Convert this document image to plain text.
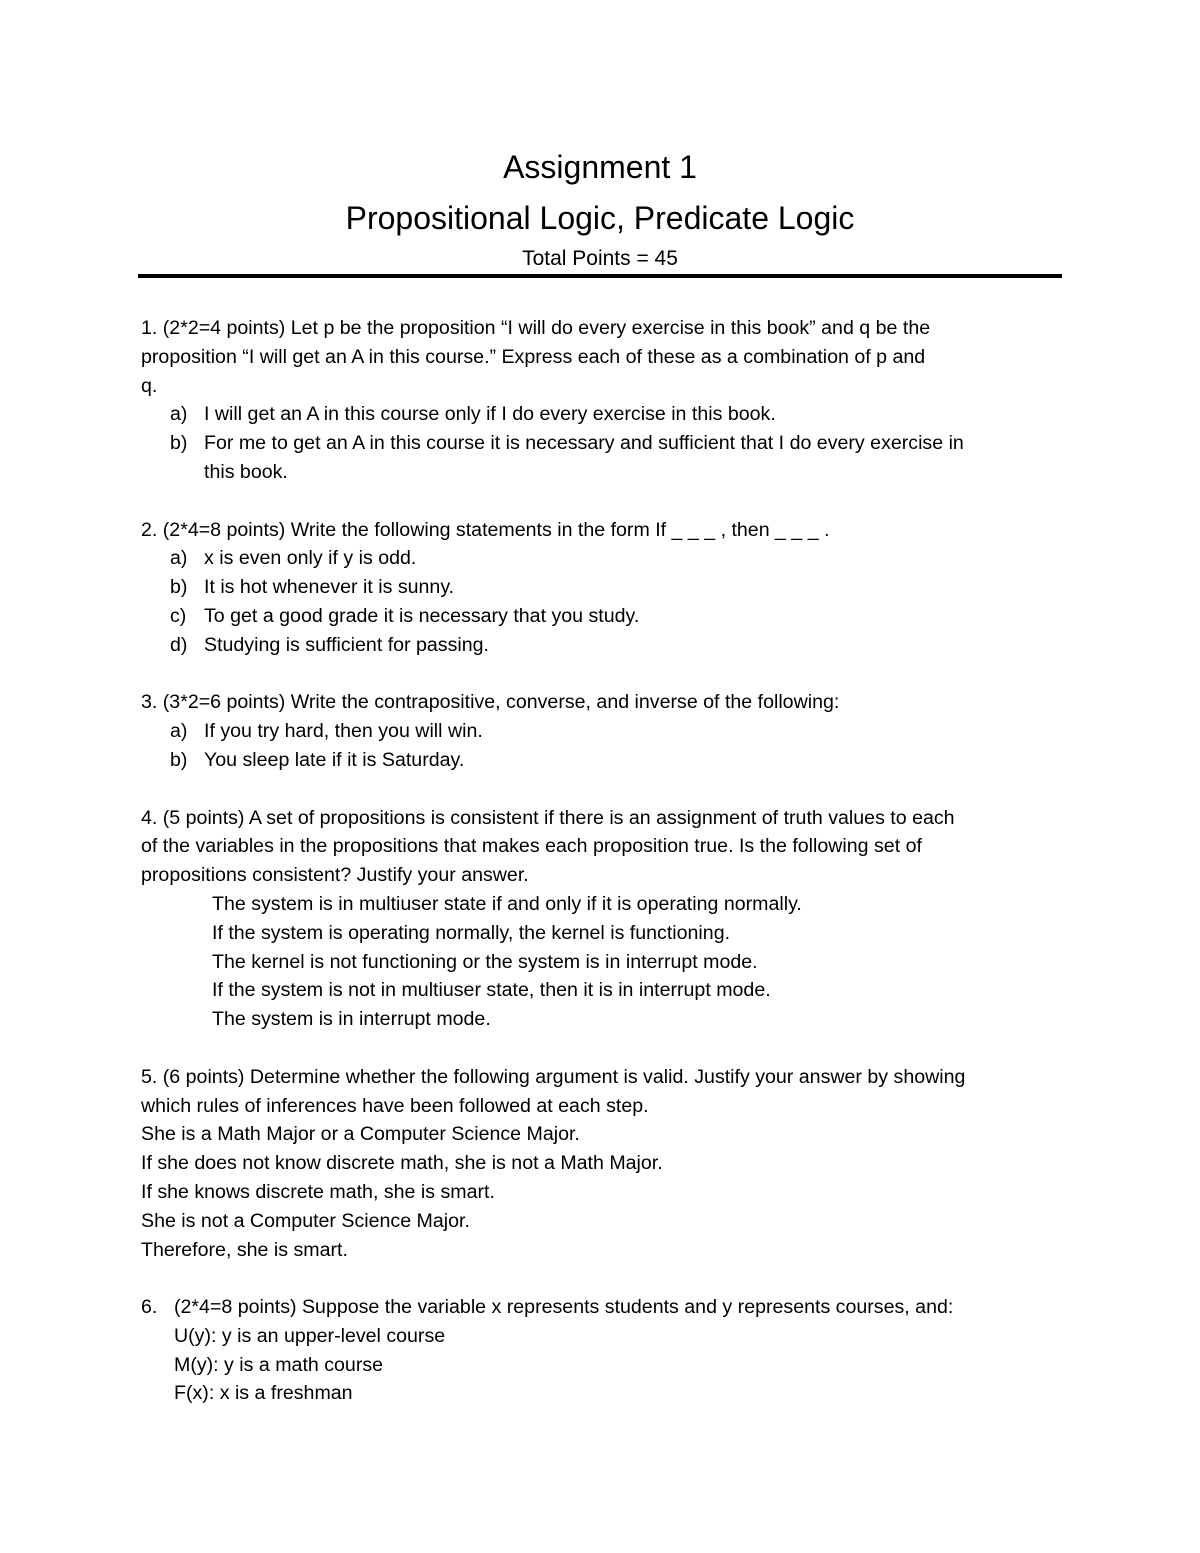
Assignment 1
Propositional Logic, Predicate Logic
Total Points = 45
1. (2*2=4 points) Let p be the proposition “I will do every exercise in this book” and q be the
proposition “I will get an A in this course.” Express each of these as a combination of p and
q.
a) I will get an A in this course only if I do every exercise in this book.
b) For me to get an A in this course it is necessary and sufficient that I do every exercise in
this book.
2. (2*4=8 points) Write the following statements in the form If _ _ _ , then _ _ _ .
a) x is even only if y is odd.
b) It is hot whenever it is sunny.
c) To get a good grade it is necessary that you study.
d) Studying is sufficient for passing.
3. (3*2=6 points) Write the contrapositive, converse, and inverse of the following:
a) If you try hard, then you will win.
b) You sleep late if it is Saturday.
4. (5 points) A set of propositions is consistent if there is an assignment of truth values to each
of the variables in the propositions that makes each proposition true. Is the following set of
propositions consistent? Justify your answer.
The system is in multiuser state if and only if it is operating normally.
If the system is operating normally, the kernel is functioning.
The kernel is not functioning or the system is in interrupt mode.
If the system is not in multiuser state, then it is in interrupt mode.
The system is in interrupt mode.
5. (6 points) Determine whether the following argument is valid. Justify your answer by showing
which rules of inferences have been followed at each step.
She is a Math Major or a Computer Science Major.
If she does not know discrete math, she is not a Math Major.
If she knows discrete math, she is smart.
She is not a Computer Science Major.
Therefore, she is smart.
6. (2*4=8 points) Suppose the variable x represents students and y represents courses, and:
U(y): y is an upper-level course
M(y): y is a math course
F(x): x is a freshman
